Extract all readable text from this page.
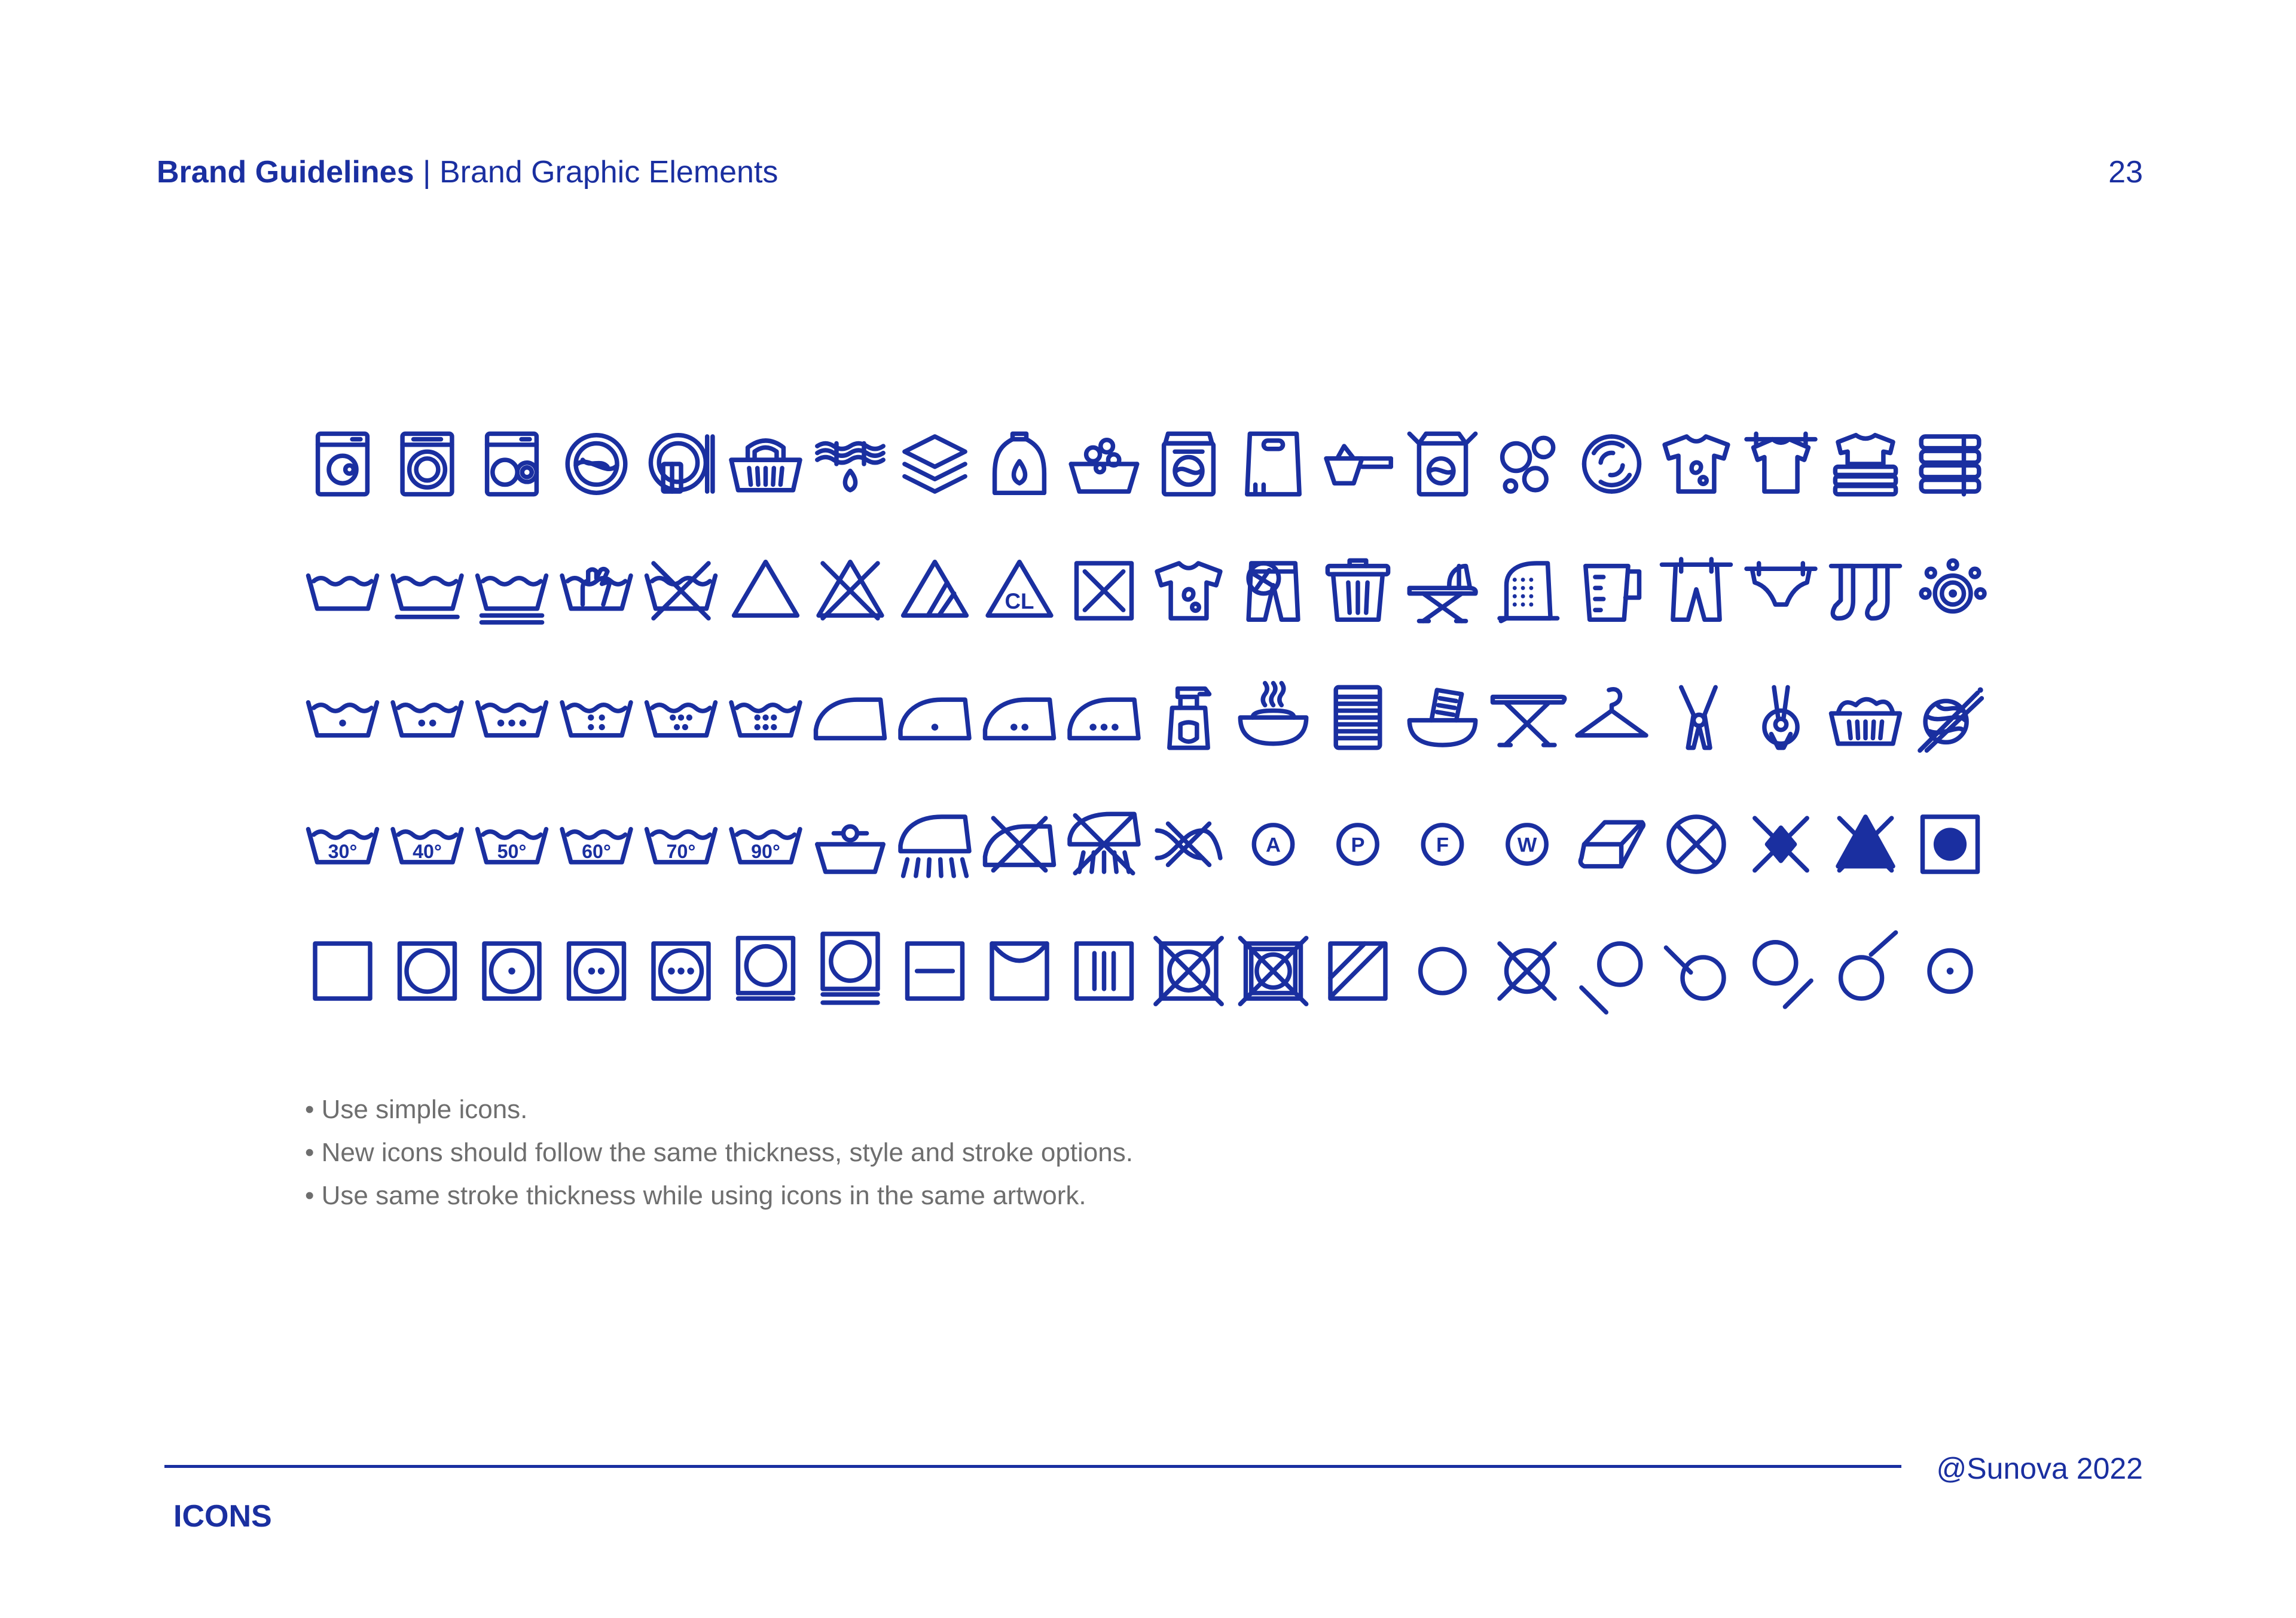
Brand Guidelines | Brand Graphic Elements	23
CL
30°	40°	50°	60°	70°	90°	A	P	F	W
• Use simple icons.
• New icons should follow the same thickness, style and stroke options.
• Use same stroke thickness while using icons in the same artwork.
@Sunova 2022
ICONS
